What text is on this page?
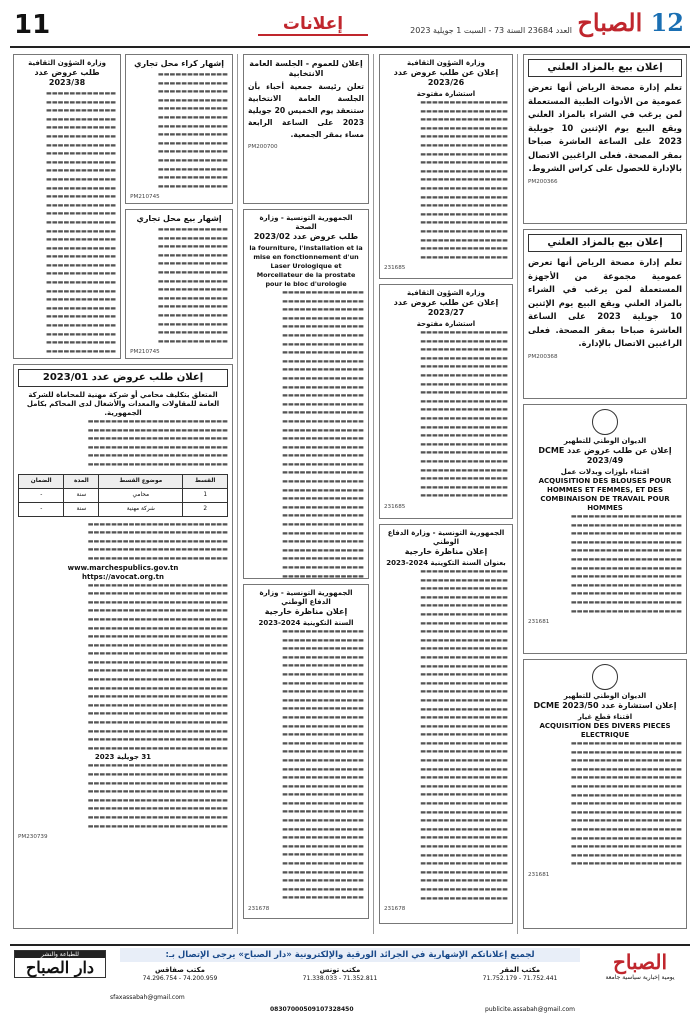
11	إعلانات	12 الصباح
العدد 23684 السنة 73 - السبت 1 جويلية 2023
إعلان بيع بالمزاد العلني
تعلم إدارة مصحة الرياض أنها تعرض عمومية من الأدوات الطبية المستعملة لمن يرغب في الشراء بالمزاد العلني ويقع البيع يوم الإثنين 10 جويلية 2023 على الساعة العاشرة صباحا بمقر المصحة. فعلى الراغبين الاتصال بالإدارة للحصول على كراس الشروط.
PM200366
إعلان بيع بالمزاد العلني
تعلم إدارة مصحة الرياض أنها تعرض عمومية مجموعة من الأجهزة المستعملة لمن يرغب في الشراء بالمزاد العلني ويقع البيع يوم الإثنين 10 جويلية 2023 على الساعة العاشرة صباحا بمقر المصحة. فعلى الراغبين الاتصال بالإدارة.
PM200368
الديوان الوطني للتطهير
إعلان عن طلب عروض عدد DCME 2023/49
اقتناء بلوزات وبدلات عمل
ACQUISITION DES BLOUSES POUR HOMMES ET FEMMES, ET DES COMBINAISON DE TRAVAIL POUR HOMMES
▬▬▬▬▬▬▬▬▬▬▬▬▬▬▬▬▬▬▬
▬▬▬▬▬▬▬▬▬▬▬▬▬▬▬▬▬▬▬
▬▬▬▬▬▬▬▬▬▬▬▬▬▬▬▬▬▬▬
▬▬▬▬▬▬▬▬▬▬▬▬▬▬▬▬▬▬▬
▬▬▬▬▬▬▬▬▬▬▬▬▬▬▬▬▬▬▬
▬▬▬▬▬▬▬▬▬▬▬▬▬▬▬▬▬▬▬
▬▬▬▬▬▬▬▬▬▬▬▬▬▬▬▬▬▬▬
▬▬▬▬▬▬▬▬▬▬▬▬▬▬▬▬▬▬▬
▬▬▬▬▬▬▬▬▬▬▬▬▬▬▬▬▬▬▬
▬▬▬▬▬▬▬▬▬▬▬▬▬▬▬▬▬▬▬
▬▬▬▬▬▬▬▬▬▬▬▬▬▬▬▬▬▬▬
▬▬▬▬▬▬▬▬▬▬▬▬▬▬▬▬▬▬▬
231681
الديوان الوطني للتطهير
إعلان استشارة عدد DCME 2023/50
اقتناء قطع غيار
ACQUISITION DES DIVERS PIECES ELECTRIQUE
▬▬▬▬▬▬▬▬▬▬▬▬▬▬▬▬▬▬▬
▬▬▬▬▬▬▬▬▬▬▬▬▬▬▬▬▬▬▬
▬▬▬▬▬▬▬▬▬▬▬▬▬▬▬▬▬▬▬
▬▬▬▬▬▬▬▬▬▬▬▬▬▬▬▬▬▬▬
▬▬▬▬▬▬▬▬▬▬▬▬▬▬▬▬▬▬▬
▬▬▬▬▬▬▬▬▬▬▬▬▬▬▬▬▬▬▬
▬▬▬▬▬▬▬▬▬▬▬▬▬▬▬▬▬▬▬
▬▬▬▬▬▬▬▬▬▬▬▬▬▬▬▬▬▬▬
▬▬▬▬▬▬▬▬▬▬▬▬▬▬▬▬▬▬▬
▬▬▬▬▬▬▬▬▬▬▬▬▬▬▬▬▬▬▬
▬▬▬▬▬▬▬▬▬▬▬▬▬▬▬▬▬▬▬
▬▬▬▬▬▬▬▬▬▬▬▬▬▬▬▬▬▬▬
▬▬▬▬▬▬▬▬▬▬▬▬▬▬▬▬▬▬▬
▬▬▬▬▬▬▬▬▬▬▬▬▬▬▬▬▬▬▬
▬▬▬▬▬▬▬▬▬▬▬▬▬▬▬▬▬▬▬
231681
وزارة الشؤون الثقافية
إعلان عن طلب عروض عدد 2023/26
استشارة مفتوحة
▬▬▬▬▬▬▬▬▬▬▬▬▬▬▬
▬▬▬▬▬▬▬▬▬▬▬▬▬▬▬
▬▬▬▬▬▬▬▬▬▬▬▬▬▬▬
▬▬▬▬▬▬▬▬▬▬▬▬▬▬▬
▬▬▬▬▬▬▬▬▬▬▬▬▬▬▬
▬▬▬▬▬▬▬▬▬▬▬▬▬▬▬
▬▬▬▬▬▬▬▬▬▬▬▬▬▬▬
▬▬▬▬▬▬▬▬▬▬▬▬▬▬▬
▬▬▬▬▬▬▬▬▬▬▬▬▬▬▬
▬▬▬▬▬▬▬▬▬▬▬▬▬▬▬
▬▬▬▬▬▬▬▬▬▬▬▬▬▬▬
▬▬▬▬▬▬▬▬▬▬▬▬▬▬▬
▬▬▬▬▬▬▬▬▬▬▬▬▬▬▬
▬▬▬▬▬▬▬▬▬▬▬▬▬▬▬
▬▬▬▬▬▬▬▬▬▬▬▬▬▬▬
▬▬▬▬▬▬▬▬▬▬▬▬▬▬▬
▬▬▬▬▬▬▬▬▬▬▬▬▬▬▬
▬▬▬▬▬▬▬▬▬▬▬▬▬▬▬
▬▬▬▬▬▬▬▬▬▬▬▬▬▬▬
231685
وزارة الشؤون الثقافية
إعلان عن طلب عروض عدد 2023/27
استشارة مفتوحة
▬▬▬▬▬▬▬▬▬▬▬▬▬▬▬
▬▬▬▬▬▬▬▬▬▬▬▬▬▬▬
▬▬▬▬▬▬▬▬▬▬▬▬▬▬▬
▬▬▬▬▬▬▬▬▬▬▬▬▬▬▬
▬▬▬▬▬▬▬▬▬▬▬▬▬▬▬
▬▬▬▬▬▬▬▬▬▬▬▬▬▬▬
▬▬▬▬▬▬▬▬▬▬▬▬▬▬▬
▬▬▬▬▬▬▬▬▬▬▬▬▬▬▬
▬▬▬▬▬▬▬▬▬▬▬▬▬▬▬
▬▬▬▬▬▬▬▬▬▬▬▬▬▬▬
▬▬▬▬▬▬▬▬▬▬▬▬▬▬▬
▬▬▬▬▬▬▬▬▬▬▬▬▬▬▬
▬▬▬▬▬▬▬▬▬▬▬▬▬▬▬
▬▬▬▬▬▬▬▬▬▬▬▬▬▬▬
▬▬▬▬▬▬▬▬▬▬▬▬▬▬▬
▬▬▬▬▬▬▬▬▬▬▬▬▬▬▬
▬▬▬▬▬▬▬▬▬▬▬▬▬▬▬
▬▬▬▬▬▬▬▬▬▬▬▬▬▬▬
▬▬▬▬▬▬▬▬▬▬▬▬▬▬▬
▬▬▬▬▬▬▬▬▬▬▬▬▬▬▬
231685
الجمهورية التونسية - وزارة الدفاع الوطني
إعلان مناظرة خارجية
بعنوان السنة التكوينية 2024-2023
▬▬▬▬▬▬▬▬▬▬▬▬▬▬▬
▬▬▬▬▬▬▬▬▬▬▬▬▬▬▬
▬▬▬▬▬▬▬▬▬▬▬▬▬▬▬
▬▬▬▬▬▬▬▬▬▬▬▬▬▬▬
▬▬▬▬▬▬▬▬▬▬▬▬▬▬▬
▬▬▬▬▬▬▬▬▬▬▬▬▬▬▬
▬▬▬▬▬▬▬▬▬▬▬▬▬▬▬
▬▬▬▬▬▬▬▬▬▬▬▬▬▬▬
▬▬▬▬▬▬▬▬▬▬▬▬▬▬▬
▬▬▬▬▬▬▬▬▬▬▬▬▬▬▬
▬▬▬▬▬▬▬▬▬▬▬▬▬▬▬
▬▬▬▬▬▬▬▬▬▬▬▬▬▬▬
▬▬▬▬▬▬▬▬▬▬▬▬▬▬▬
▬▬▬▬▬▬▬▬▬▬▬▬▬▬▬
▬▬▬▬▬▬▬▬▬▬▬▬▬▬▬
▬▬▬▬▬▬▬▬▬▬▬▬▬▬▬
▬▬▬▬▬▬▬▬▬▬▬▬▬▬▬
▬▬▬▬▬▬▬▬▬▬▬▬▬▬▬
▬▬▬▬▬▬▬▬▬▬▬▬▬▬▬
▬▬▬▬▬▬▬▬▬▬▬▬▬▬▬
▬▬▬▬▬▬▬▬▬▬▬▬▬▬▬
▬▬▬▬▬▬▬▬▬▬▬▬▬▬▬
▬▬▬▬▬▬▬▬▬▬▬▬▬▬▬
▬▬▬▬▬▬▬▬▬▬▬▬▬▬▬
▬▬▬▬▬▬▬▬▬▬▬▬▬▬▬
▬▬▬▬▬▬▬▬▬▬▬▬▬▬▬
▬▬▬▬▬▬▬▬▬▬▬▬▬▬▬
▬▬▬▬▬▬▬▬▬▬▬▬▬▬▬
▬▬▬▬▬▬▬▬▬▬▬▬▬▬▬
▬▬▬▬▬▬▬▬▬▬▬▬▬▬▬
▬▬▬▬▬▬▬▬▬▬▬▬▬▬▬
▬▬▬▬▬▬▬▬▬▬▬▬▬▬▬
▬▬▬▬▬▬▬▬▬▬▬▬▬▬▬
▬▬▬▬▬▬▬▬▬▬▬▬▬▬▬
▬▬▬▬▬▬▬▬▬▬▬▬▬▬▬
▬▬▬▬▬▬▬▬▬▬▬▬▬▬▬
▬▬▬▬▬▬▬▬▬▬▬▬▬▬▬
▬▬▬▬▬▬▬▬▬▬▬▬▬▬▬
▬▬▬▬▬▬▬▬▬▬▬▬▬▬▬
231678
إعلان للعموم - الجلسة العامة الانتخابية
تعلن رئيسة جمعية أحباء بأن الجلسة العامة الانتخابية ستنعقد يوم الخميس 20 جويلية 2023 على الساعة الرابعة مساء بمقر الجمعية.
PM200700
الجمهورية التونسية - وزارة الصحة
طلب عروض عدد 2023/02
la fourniture, l'installation et la mise en fonctionnement d'un Laser Urologique et Morcellateur de la prostate pour le bloc d'urologie
▬▬▬▬▬▬▬▬▬▬▬▬▬▬
▬▬▬▬▬▬▬▬▬▬▬▬▬▬
▬▬▬▬▬▬▬▬▬▬▬▬▬▬
▬▬▬▬▬▬▬▬▬▬▬▬▬▬
▬▬▬▬▬▬▬▬▬▬▬▬▬▬
▬▬▬▬▬▬▬▬▬▬▬▬▬▬
▬▬▬▬▬▬▬▬▬▬▬▬▬▬
▬▬▬▬▬▬▬▬▬▬▬▬▬▬
▬▬▬▬▬▬▬▬▬▬▬▬▬▬
▬▬▬▬▬▬▬▬▬▬▬▬▬▬
▬▬▬▬▬▬▬▬▬▬▬▬▬▬
▬▬▬▬▬▬▬▬▬▬▬▬▬▬
▬▬▬▬▬▬▬▬▬▬▬▬▬▬
▬▬▬▬▬▬▬▬▬▬▬▬▬▬
▬▬▬▬▬▬▬▬▬▬▬▬▬▬
▬▬▬▬▬▬▬▬▬▬▬▬▬▬
▬▬▬▬▬▬▬▬▬▬▬▬▬▬
▬▬▬▬▬▬▬▬▬▬▬▬▬▬
▬▬▬▬▬▬▬▬▬▬▬▬▬▬
▬▬▬▬▬▬▬▬▬▬▬▬▬▬
▬▬▬▬▬▬▬▬▬▬▬▬▬▬
▬▬▬▬▬▬▬▬▬▬▬▬▬▬
▬▬▬▬▬▬▬▬▬▬▬▬▬▬
▬▬▬▬▬▬▬▬▬▬▬▬▬▬
▬▬▬▬▬▬▬▬▬▬▬▬▬▬
▬▬▬▬▬▬▬▬▬▬▬▬▬▬
▬▬▬▬▬▬▬▬▬▬▬▬▬▬
▬▬▬▬▬▬▬▬▬▬▬▬▬▬
▬▬▬▬▬▬▬▬▬▬▬▬▬▬
▬▬▬▬▬▬▬▬▬▬▬▬▬▬
▬▬▬▬▬▬▬▬▬▬▬▬▬▬
▬▬▬▬▬▬▬▬▬▬▬▬▬▬
▬▬▬▬▬▬▬▬▬▬▬▬▬▬
▬▬▬▬▬▬▬▬▬▬▬▬▬▬
الجمهورية التونسية - وزارة الدفاع الوطني
إعلان مناظرة خارجية
السنة التكوينية 2024-2023
▬▬▬▬▬▬▬▬▬▬▬▬▬▬
▬▬▬▬▬▬▬▬▬▬▬▬▬▬
▬▬▬▬▬▬▬▬▬▬▬▬▬▬
▬▬▬▬▬▬▬▬▬▬▬▬▬▬
▬▬▬▬▬▬▬▬▬▬▬▬▬▬
▬▬▬▬▬▬▬▬▬▬▬▬▬▬
▬▬▬▬▬▬▬▬▬▬▬▬▬▬
▬▬▬▬▬▬▬▬▬▬▬▬▬▬
▬▬▬▬▬▬▬▬▬▬▬▬▬▬
▬▬▬▬▬▬▬▬▬▬▬▬▬▬
▬▬▬▬▬▬▬▬▬▬▬▬▬▬
▬▬▬▬▬▬▬▬▬▬▬▬▬▬
▬▬▬▬▬▬▬▬▬▬▬▬▬▬
▬▬▬▬▬▬▬▬▬▬▬▬▬▬
▬▬▬▬▬▬▬▬▬▬▬▬▬▬
▬▬▬▬▬▬▬▬▬▬▬▬▬▬
▬▬▬▬▬▬▬▬▬▬▬▬▬▬
▬▬▬▬▬▬▬▬▬▬▬▬▬▬
▬▬▬▬▬▬▬▬▬▬▬▬▬▬
▬▬▬▬▬▬▬▬▬▬▬▬▬▬
▬▬▬▬▬▬▬▬▬▬▬▬▬▬
▬▬▬▬▬▬▬▬▬▬▬▬▬▬
▬▬▬▬▬▬▬▬▬▬▬▬▬▬
▬▬▬▬▬▬▬▬▬▬▬▬▬▬
▬▬▬▬▬▬▬▬▬▬▬▬▬▬
▬▬▬▬▬▬▬▬▬▬▬▬▬▬
▬▬▬▬▬▬▬▬▬▬▬▬▬▬
▬▬▬▬▬▬▬▬▬▬▬▬▬▬
▬▬▬▬▬▬▬▬▬▬▬▬▬▬
▬▬▬▬▬▬▬▬▬▬▬▬▬▬
▬▬▬▬▬▬▬▬▬▬▬▬▬▬
▬▬▬▬▬▬▬▬▬▬▬▬▬▬
231678
إشهار كراء محل تجاري
▬▬▬▬▬▬▬▬▬▬▬▬
▬▬▬▬▬▬▬▬▬▬▬▬
▬▬▬▬▬▬▬▬▬▬▬▬
▬▬▬▬▬▬▬▬▬▬▬▬
▬▬▬▬▬▬▬▬▬▬▬▬
▬▬▬▬▬▬▬▬▬▬▬▬
▬▬▬▬▬▬▬▬▬▬▬▬
▬▬▬▬▬▬▬▬▬▬▬▬
▬▬▬▬▬▬▬▬▬▬▬▬
▬▬▬▬▬▬▬▬▬▬▬▬
▬▬▬▬▬▬▬▬▬▬▬▬
▬▬▬▬▬▬▬▬▬▬▬▬
▬▬▬▬▬▬▬▬▬▬▬▬
▬▬▬▬▬▬▬▬▬▬▬▬
PM210745
إشهار بيع محل تجاري
▬▬▬▬▬▬▬▬▬▬▬▬
▬▬▬▬▬▬▬▬▬▬▬▬
▬▬▬▬▬▬▬▬▬▬▬▬
▬▬▬▬▬▬▬▬▬▬▬▬
▬▬▬▬▬▬▬▬▬▬▬▬
▬▬▬▬▬▬▬▬▬▬▬▬
▬▬▬▬▬▬▬▬▬▬▬▬
▬▬▬▬▬▬▬▬▬▬▬▬
▬▬▬▬▬▬▬▬▬▬▬▬
▬▬▬▬▬▬▬▬▬▬▬▬
▬▬▬▬▬▬▬▬▬▬▬▬
▬▬▬▬▬▬▬▬▬▬▬▬
▬▬▬▬▬▬▬▬▬▬▬▬
▬▬▬▬▬▬▬▬▬▬▬▬
PM210745
وزارة الشؤون الثقافية
طلب عروض عدد 2023/38
▬▬▬▬▬▬▬▬▬▬▬▬
▬▬▬▬▬▬▬▬▬▬▬▬
▬▬▬▬▬▬▬▬▬▬▬▬
▬▬▬▬▬▬▬▬▬▬▬▬
▬▬▬▬▬▬▬▬▬▬▬▬
▬▬▬▬▬▬▬▬▬▬▬▬
▬▬▬▬▬▬▬▬▬▬▬▬
▬▬▬▬▬▬▬▬▬▬▬▬
▬▬▬▬▬▬▬▬▬▬▬▬
▬▬▬▬▬▬▬▬▬▬▬▬
▬▬▬▬▬▬▬▬▬▬▬▬
▬▬▬▬▬▬▬▬▬▬▬▬
▬▬▬▬▬▬▬▬▬▬▬▬
▬▬▬▬▬▬▬▬▬▬▬▬
▬▬▬▬▬▬▬▬▬▬▬▬
▬▬▬▬▬▬▬▬▬▬▬▬
▬▬▬▬▬▬▬▬▬▬▬▬
▬▬▬▬▬▬▬▬▬▬▬▬
▬▬▬▬▬▬▬▬▬▬▬▬
▬▬▬▬▬▬▬▬▬▬▬▬
▬▬▬▬▬▬▬▬▬▬▬▬
▬▬▬▬▬▬▬▬▬▬▬▬
▬▬▬▬▬▬▬▬▬▬▬▬
▬▬▬▬▬▬▬▬▬▬▬▬
▬▬▬▬▬▬▬▬▬▬▬▬
▬▬▬▬▬▬▬▬▬▬▬▬
▬▬▬▬▬▬▬▬▬▬▬▬
▬▬▬▬▬▬▬▬▬▬▬▬
▬▬▬▬▬▬▬▬▬▬▬▬
▬▬▬▬▬▬▬▬▬▬▬▬
▬▬▬▬▬▬▬▬▬▬▬▬
إعلان طلب عروض عدد 2023/01
المتعلق بتكليف محامي أو شركة مهنية للمحاماة للشركة العامة للمقاولات والمعدات والأشغال لدى المحاكم بكامل الجمهورية.
▬▬▬▬▬▬▬▬▬▬▬▬▬▬▬▬▬▬▬▬▬▬▬▬
▬▬▬▬▬▬▬▬▬▬▬▬▬▬▬▬▬▬▬▬▬▬▬▬
▬▬▬▬▬▬▬▬▬▬▬▬▬▬▬▬▬▬▬▬▬▬▬▬
▬▬▬▬▬▬▬▬▬▬▬▬▬▬▬▬▬▬▬▬▬▬▬▬
▬▬▬▬▬▬▬▬▬▬▬▬▬▬▬▬▬▬▬▬▬▬▬▬
▬▬▬▬▬▬▬▬▬▬▬▬▬▬▬▬▬▬▬▬▬▬▬▬
القسط	موضوع القسط	المدة	الضمان
1	محامي	سنة	-
2	شركة مهنية	سنة	-
▬▬▬▬▬▬▬▬▬▬▬▬▬▬▬▬▬▬▬▬▬▬▬▬
▬▬▬▬▬▬▬▬▬▬▬▬▬▬▬▬▬▬▬▬▬▬▬▬
▬▬▬▬▬▬▬▬▬▬▬▬▬▬▬▬▬▬▬▬▬▬▬▬
▬▬▬▬▬▬▬▬▬▬▬▬▬▬▬▬▬▬▬▬▬▬▬▬
▬▬▬▬▬▬▬▬▬▬▬▬▬▬▬▬▬▬▬▬▬▬▬▬
www.marchespublics.gov.tn
https://avocat.org.tn
▬▬▬▬▬▬▬▬▬▬▬▬▬▬▬▬▬▬▬▬▬▬▬▬
▬▬▬▬▬▬▬▬▬▬▬▬▬▬▬▬▬▬▬▬▬▬▬▬
▬▬▬▬▬▬▬▬▬▬▬▬▬▬▬▬▬▬▬▬▬▬▬▬
▬▬▬▬▬▬▬▬▬▬▬▬▬▬▬▬▬▬▬▬▬▬▬▬
▬▬▬▬▬▬▬▬▬▬▬▬▬▬▬▬▬▬▬▬▬▬▬▬
▬▬▬▬▬▬▬▬▬▬▬▬▬▬▬▬▬▬▬▬▬▬▬▬
▬▬▬▬▬▬▬▬▬▬▬▬▬▬▬▬▬▬▬▬▬▬▬▬
▬▬▬▬▬▬▬▬▬▬▬▬▬▬▬▬▬▬▬▬▬▬▬▬
▬▬▬▬▬▬▬▬▬▬▬▬▬▬▬▬▬▬▬▬▬▬▬▬
▬▬▬▬▬▬▬▬▬▬▬▬▬▬▬▬▬▬▬▬▬▬▬▬
▬▬▬▬▬▬▬▬▬▬▬▬▬▬▬▬▬▬▬▬▬▬▬▬
▬▬▬▬▬▬▬▬▬▬▬▬▬▬▬▬▬▬▬▬▬▬▬▬
▬▬▬▬▬▬▬▬▬▬▬▬▬▬▬▬▬▬▬▬▬▬▬▬
▬▬▬▬▬▬▬▬▬▬▬▬▬▬▬▬▬▬▬▬▬▬▬▬
▬▬▬▬▬▬▬▬▬▬▬▬▬▬▬▬▬▬▬▬▬▬▬▬
▬▬▬▬▬▬▬▬▬▬▬▬▬▬▬▬▬▬▬▬▬▬▬▬
▬▬▬▬▬▬▬▬▬▬▬▬▬▬▬▬▬▬▬▬▬▬▬▬
▬▬▬▬▬▬▬▬▬▬▬▬▬▬▬▬▬▬▬▬▬▬▬▬
▬▬▬▬▬▬▬▬▬▬▬▬▬▬▬▬▬▬▬▬▬▬▬▬
▬▬▬▬▬▬▬▬▬▬▬▬▬▬▬▬▬▬▬▬▬▬▬▬
31 جويلية 2023
▬▬▬▬▬▬▬▬▬▬▬▬▬▬▬▬▬▬▬▬▬▬▬▬
▬▬▬▬▬▬▬▬▬▬▬▬▬▬▬▬▬▬▬▬▬▬▬▬
▬▬▬▬▬▬▬▬▬▬▬▬▬▬▬▬▬▬▬▬▬▬▬▬
▬▬▬▬▬▬▬▬▬▬▬▬▬▬▬▬▬▬▬▬▬▬▬▬
▬▬▬▬▬▬▬▬▬▬▬▬▬▬▬▬▬▬▬▬▬▬▬▬
▬▬▬▬▬▬▬▬▬▬▬▬▬▬▬▬▬▬▬▬▬▬▬▬
▬▬▬▬▬▬▬▬▬▬▬▬▬▬▬▬▬▬▬▬▬▬▬▬
▬▬▬▬▬▬▬▬▬▬▬▬▬▬▬▬▬▬▬▬▬▬▬▬
PM230739
لجميع إعلاناتكم الإشهارية في الجرائد الورقية والإلكترونية «دار الصباح» يرجى الإتصال بـ:	الصباح
يومية إخبارية سياسية جامعة
للطباعة والنشر
دار الصباح	مكتب المقر
71.752.179 - 71.752.441
مكتب تونس
71.338.033 - 71.352.811
مكتب صفاقس
74.296.754 - 74.200.959
publicite.assabah@gmail.com
sfaxassabah@gmail.com
08307000509107328450
